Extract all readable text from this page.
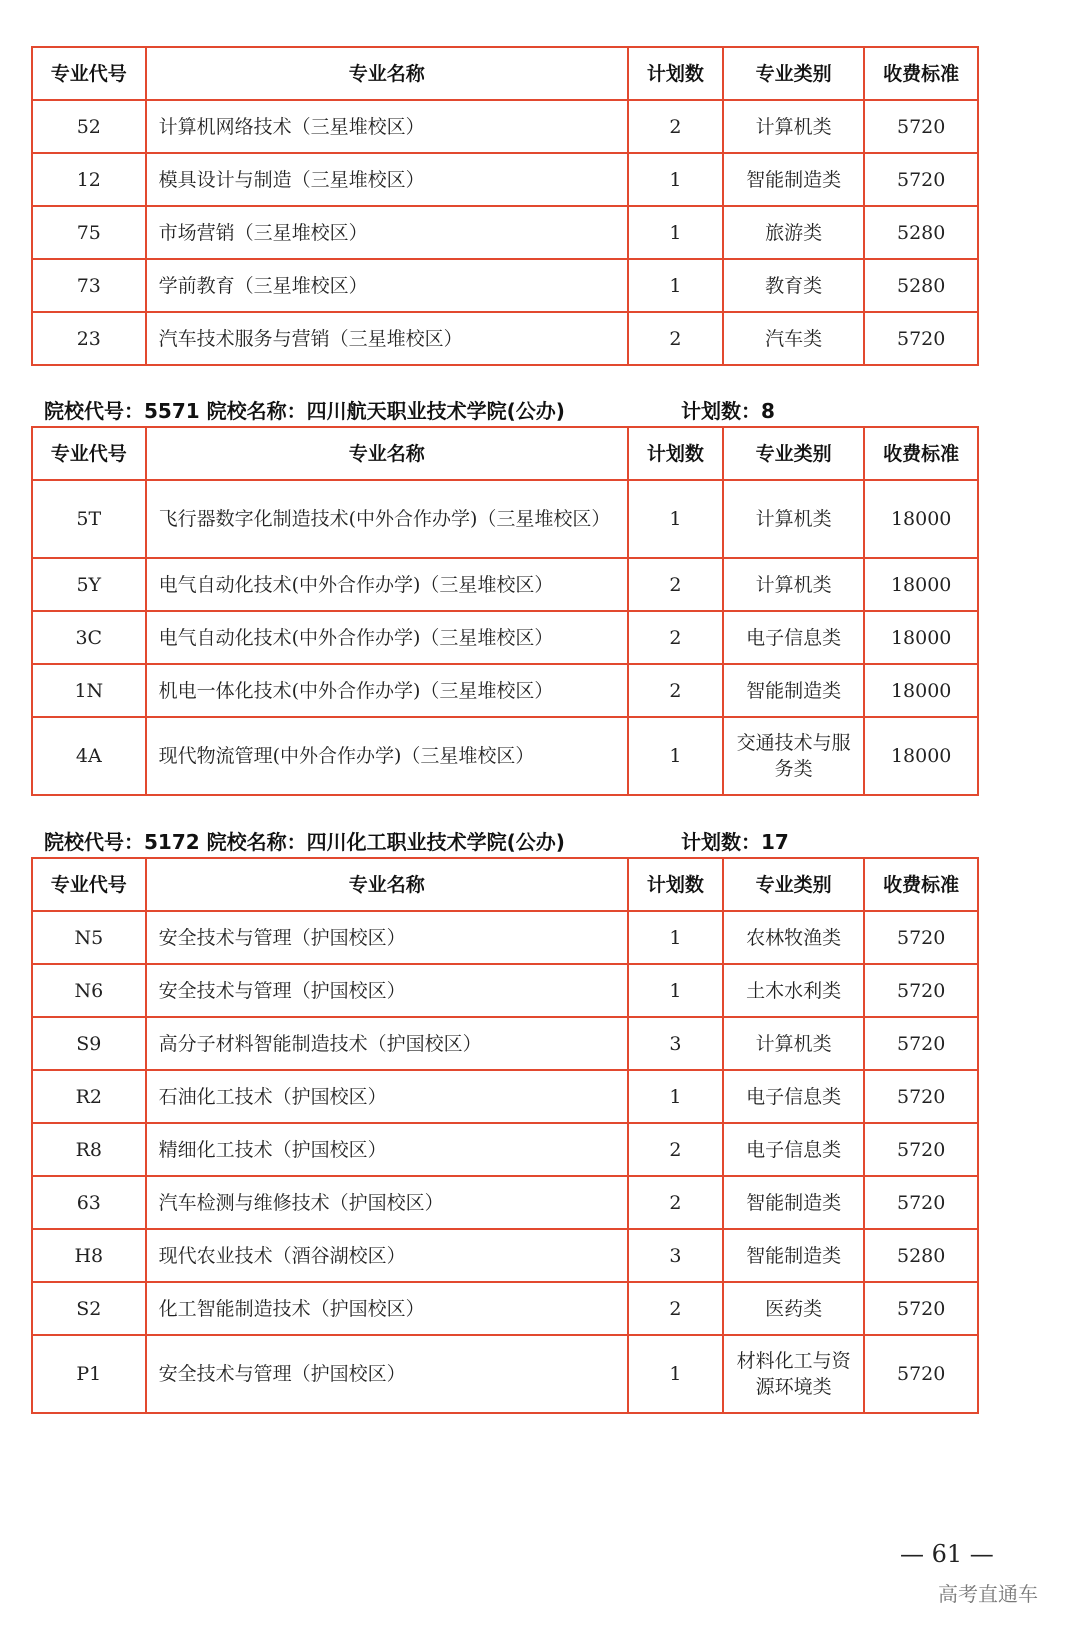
专业代号	专业名称	计划数	专业类别	收费标准
52	计算机网络技术（三星堆校区）	2	计算机类	5720
12	模具设计与制造（三星堆校区）	1	智能制造类	5720
75	市场营销（三星堆校区）	1	旅游类	5280
73	学前教育（三星堆校区）	1	教育类	5280
23	汽车技术服务与营销（三星堆校区）	2	汽车类	5720
院校代号：5571 院校名称：四川航天职业技术学院(公办)	计划数：8
专业代号	专业名称	计划数	专业类别	收费标准
5T	飞行器数字化制造技术(中外合作办学)（三星堆校区）	1	计算机类	18000
5Y	电气自动化技术(中外合作办学)（三星堆校区）	2	计算机类	18000
3C	电气自动化技术(中外合作办学)（三星堆校区）	2	电子信息类	18000
1N	机电一体化技术(中外合作办学)（三星堆校区）	2	智能制造类	18000
4A	现代物流管理(中外合作办学)（三星堆校区）	1	交通技术与服务类	18000
院校代号：5172 院校名称：四川化工职业技术学院(公办)	计划数：17
专业代号	专业名称	计划数	专业类别	收费标准
N5	安全技术与管理（护国校区）	1	农林牧渔类	5720
N6	安全技术与管理（护国校区）	1	土木水利类	5720
S9	高分子材料智能制造技术（护国校区）	3	计算机类	5720
R2	石油化工技术（护国校区）	1	电子信息类	5720
R8	精细化工技术（护国校区）	2	电子信息类	5720
63	汽车检测与维修技术（护国校区）	2	智能制造类	5720
H8	现代农业技术（酒谷湖校区）	3	智能制造类	5280
S2	化工智能制造技术（护国校区）	2	医药类	5720
P1	安全技术与管理（护国校区）	1	材料化工与资源环境类	5720
— 61 —
高考直通车
